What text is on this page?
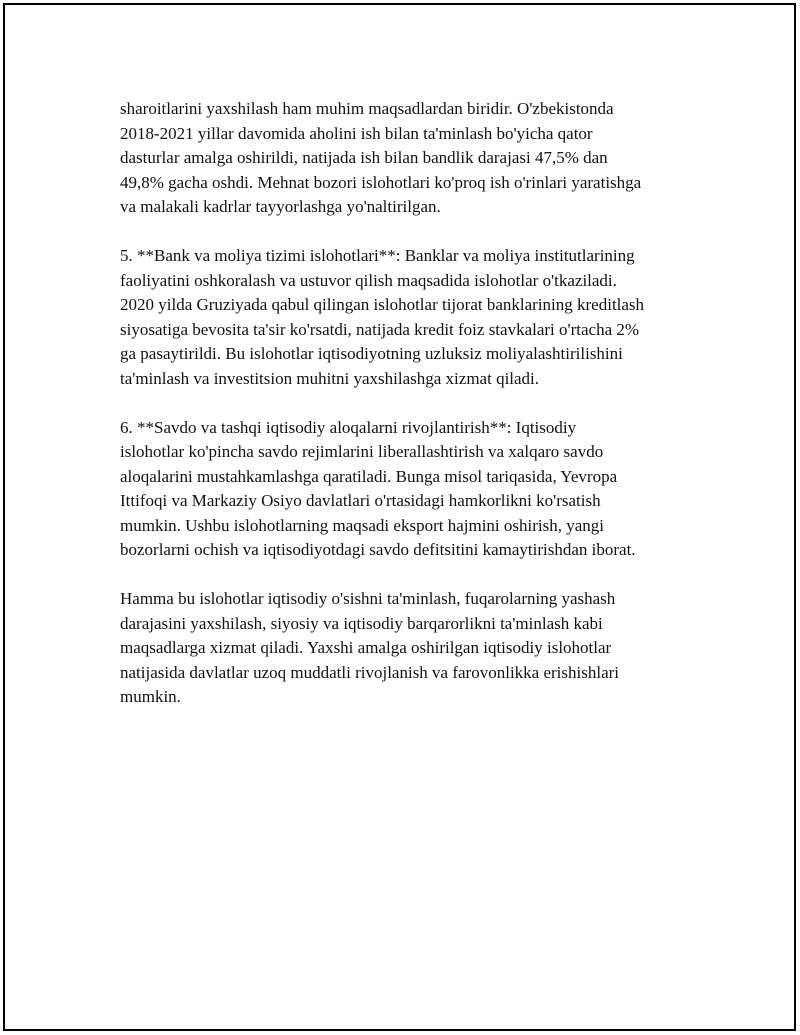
sharoitlarini yaxshilash ham muhim maqsadlardan biridir. O'zbekistonda
2018-2021 yillar davomida aholini ish bilan ta'minlash bo'yicha qator
dasturlar amalga oshirildi, natijada ish bilan bandlik darajasi 47,5% dan
49,8% gacha oshdi. Mehnat bozori islohotlari ko'proq ish o'rinlari yaratishga
va malakali kadrlar tayyorlashga yo'naltirilgan.

5. **Bank va moliya tizimi islohotlari**: Banklar va moliya institutlarining
faoliyatini oshkoralash va ustuvor qilish maqsadida islohotlar o'tkaziladi.
2020 yilda Gruziyada qabul qilingan islohotlar tijorat banklarining kreditlash
siyosatiga bevosita ta'sir ko'rsatdi, natijada kredit foiz stavkalari o'rtacha 2%
ga pasaytirildi. Bu islohotlar iqtisodiyotning uzluksiz moliyalashtirilishini
ta'minlash va investitsion muhitni yaxshilashga xizmat qiladi.

6. **Savdo va tashqi iqtisodiy aloqalarni rivojlantirish**: Iqtisodiy
islohotlar ko'pincha savdo rejimlarini liberallashtirish va xalqaro savdo
aloqalarini mustahkamlashga qaratiladi. Bunga misol tariqasida, Yevropa
Ittifoqi va Markaziy Osiyo davlatlari o'rtasidagi hamkorlikni ko'rsatish
mumkin. Ushbu islohotlarning maqsadi eksport hajmini oshirish, yangi
bozorlarni ochish va iqtisodiyotdagi savdo defitsitini kamaytirishdan iborat.

Hamma bu islohotlar iqtisodiy o'sishni ta'minlash, fuqarolarning yashash
darajasini yaxshilash, siyosiy va iqtisodiy barqarorlikni ta'minlash kabi
maqsadlarga xizmat qiladi. Yaxshi amalga oshirilgan iqtisodiy islohotlar
natijasida davlatlar uzoq muddatli rivojlanish va farovonlikka erishishlari
mumkin.
